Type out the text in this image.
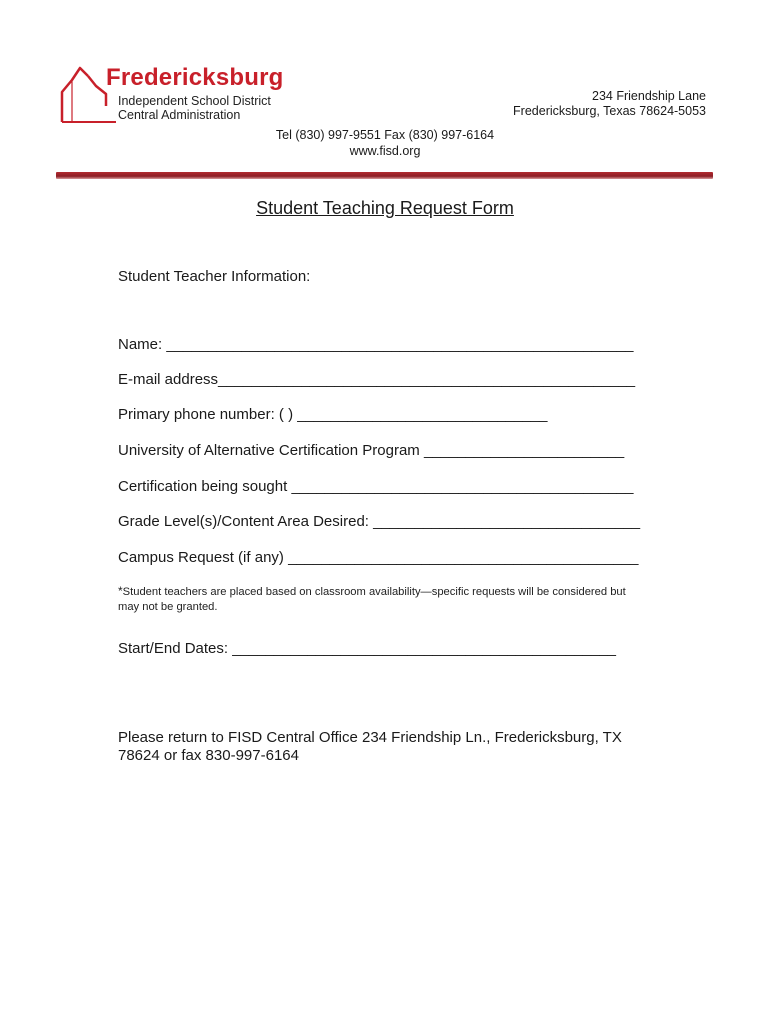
Fredericksburg
Independent School District
Central Administration
234 Friendship Lane
Fredericksburg, Texas 78624-5053
Tel (830) 997-9551 Fax (830) 997-6164
www.fisd.org
Student Teaching Request Form
Student Teacher Information:
Name: ________________________________________________________
E-mail address__________________________________________________
Primary phone number: ( ) ______________________________
University of Alternative Certification Program ________________________
Certification being sought _________________________________________
Grade Level(s)/Content Area Desired: ________________________________
Campus Request (if any) __________________________________________
*Student teachers are placed based on classroom availability—specific requests will be considered but may not be granted.
Start/End Dates: ______________________________________________
Please return to FISD Central Office 234 Friendship Ln., Fredericksburg, TX 78624 or fax 830-997-6164
